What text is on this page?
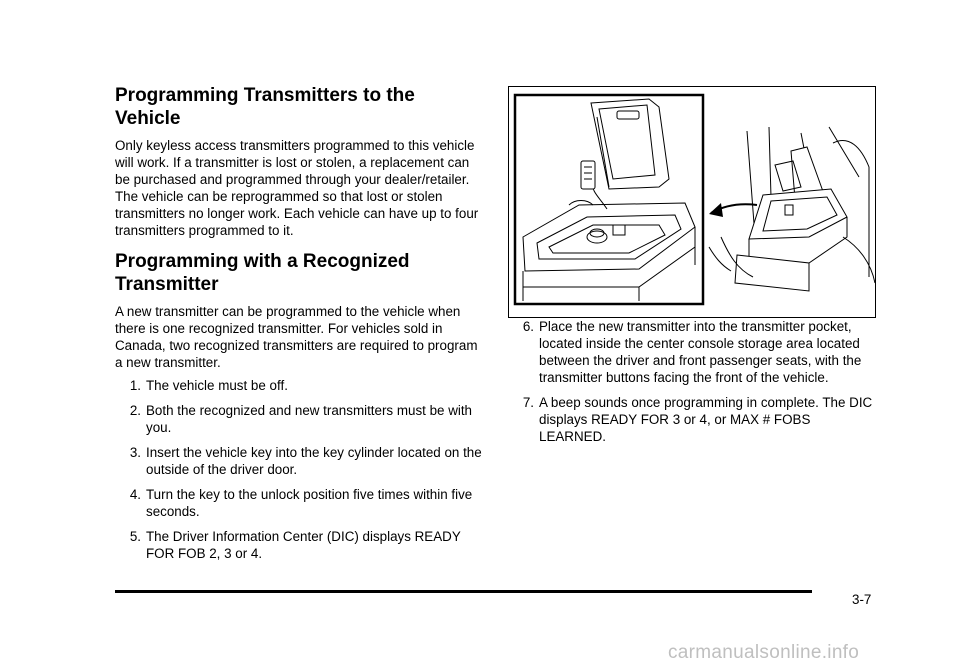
Programming Transmitters to the Vehicle

Only keyless access transmitters programmed to this vehicle will work. If a transmitter is lost or stolen, a replacement can be purchased and programmed through your dealer/retailer. The vehicle can be reprogrammed so that lost or stolen transmitters no longer work. Each vehicle can have up to four transmitters programmed to it.

Programming with a Recognized Transmitter

A new transmitter can be programmed to the vehicle when there is one recognized transmitter. For vehicles sold in Canada, two recognized transmitters are required to program a new transmitter.

1. The vehicle must be off.
2. Both the recognized and new transmitters must be with you.
3. Insert the vehicle key into the key cylinder located on the outside of the driver door.
4. Turn the key to the unlock position five times within five seconds.
5. The Driver Information Center (DIC) displays READY FOR FOB 2, 3 or 4.
6. Place the new transmitter into the transmitter pocket, located inside the center console storage area located between the driver and front passenger seats, with the transmitter buttons facing the front of the vehicle.
7. A beep sounds once programming in complete. The DIC displays READY FOR 3 or 4, or MAX # FOBS LEARNED.
3-7
carmanualsonline.info
